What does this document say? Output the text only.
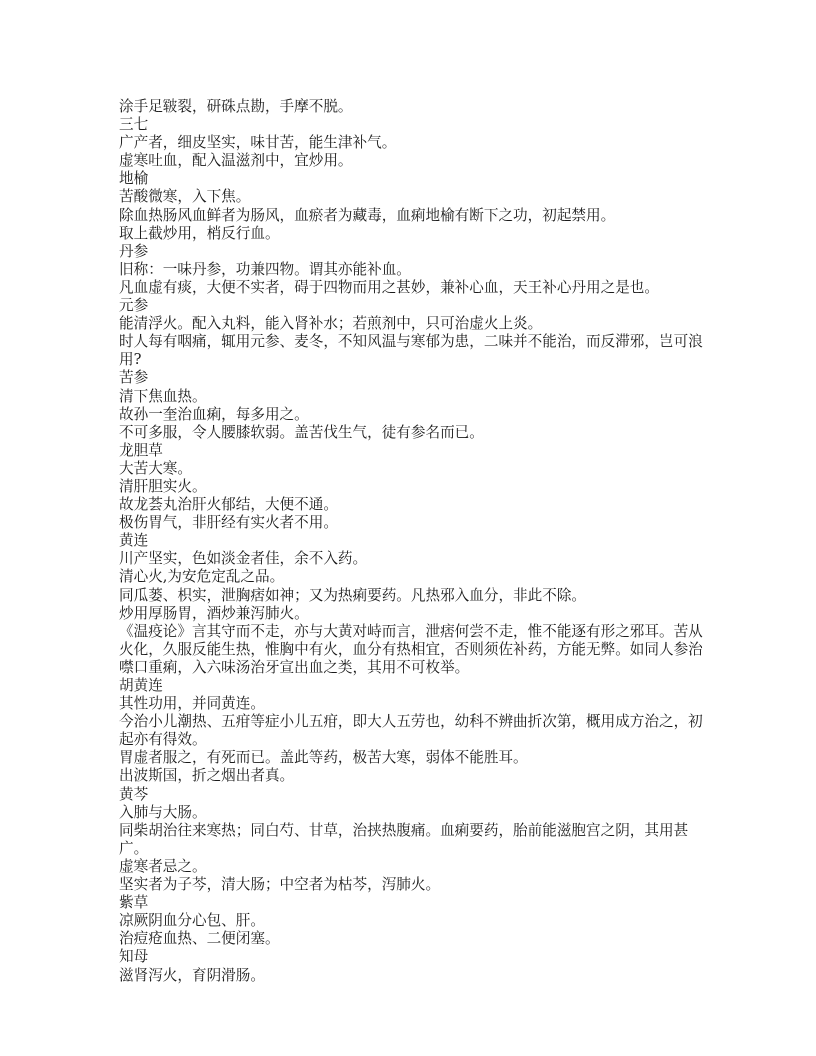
涂手足皲裂，研硃点勘，手摩不脱。

三七

广产者，细皮坚实，味甘苦，能生津补气。

虚寒吐血，配入温滋剂中，宜炒用。

地榆

苦酸微寒，入下焦。

除血热肠风血鲜者为肠风，血瘀者为藏毒，血痢地榆有断下之功，初起禁用。

取上截炒用，梢反行血。

丹参

旧称：一味丹参，功兼四物。谓其亦能补血。

凡血虚有痰，大便不实者，碍于四物而用之甚妙，兼补心血，天王补心丹用之是也。

元参

能清浮火。配入丸料，能入肾补水；若煎剂中，只可治虚火上炎。

时人每有咽痛，辄用元参、麦冬，不知风温与寒郁为患，二味并不能治，而反滞邪，岂可浪用?

苦参

清下焦血热。

故孙一奎治血痢，每多用之。

不可多服，令人腰膝软弱。盖苦伐生气，徒有参名而已。

龙胆草

大苦大寒。

清肝胆实火。

故龙荟丸治肝火郁结，大便不通。

极伤胃气，非肝经有实火者不用。

黄连

川产坚实，色如淡金者佳，余不入药。

清心火,为安危定乱之品。

同瓜蒌、枳实，泄胸痞如神；又为热痢要药。凡热邪入血分，非此不除。

炒用厚肠胃，酒炒兼泻肺火。

《温疫论》言其守而不走，亦与大黄对峙而言，泄痞何尝不走，惟不能逐有形之邪耳。苦从火化，久服反能生热，惟胸中有火，血分有热相宜，否则须佐补药，方能无弊。如同人参治噤口重痢，入六味汤治牙宣出血之类，其用不可枚举。

胡黄连

其性功用，并同黄连。

今治小儿潮热、五疳等症小儿五疳，即大人五劳也，幼科不辨曲折次第，概用成方治之，初起亦有得效。

胃虚者服之，有死而已。盖此等药，极苦大寒，弱体不能胜耳。

出波斯国，折之烟出者真。

黄芩

入肺与大肠。

同柴胡治往来寒热；同白芍、甘草，治挟热腹痛。血痢要药，胎前能滋胞宫之阴，其用甚广。

虚寒者忌之。

坚实者为子芩，清大肠；中空者为枯芩，泻肺火。

紫草

凉厥阴血分心包、肝。

治痘疮血热、二便闭塞。

知母

滋肾泻火，育阴滑肠。
